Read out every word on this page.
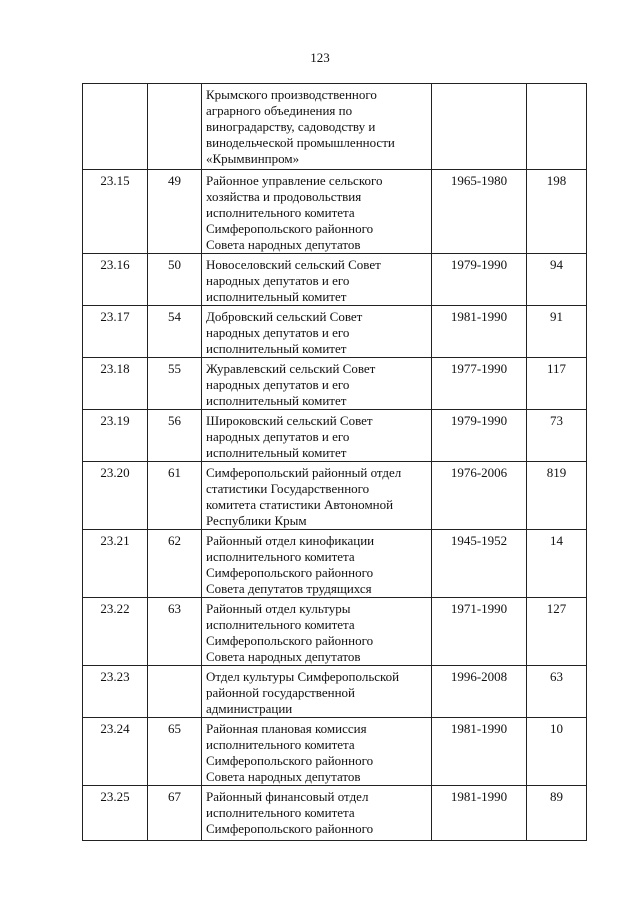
123

		Крымского производственного
аграрного объединения по
виноградарству, садоводству и
винодельческой промышленности
«Крымвинпром»		

23.15	49	Районное управление сельского
хозяйства и продовольствия
исполнительного комитета
Симферопольского районного
Совета народных депутатов	1965-1980	198
23.16	50	Новоселовский сельский Совет
народных депутатов и его
исполнительный комитет	1979-1990	94
23.17	54	Добровский сельский Совет
народных депутатов и его
исполнительный комитет	1981-1990	91
23.18	55	Журавлевский сельский Совет
народных депутатов и его
исполнительный комитет	1977-1990	117
23.19	56	Широковский сельский Совет
народных депутатов и его
исполнительный комитет	1979-1990	73
23.20	61	Симферопольский районный отдел
статистики Государственного
комитета статистики Автономной
Республики Крым	1976-2006	819
23.21	62	Районный отдел кинофикации
исполнительного комитета
Симферопольского районного
Совета депутатов трудящихся	1945-1952	14
23.22	63	Районный отдел культуры
исполнительного комитета
Симферопольского районного
Совета народных депутатов	1971-1990	127
23.23		Отдел культуры Симферопольской
районной государственной
администрации	1996-2008	63
23.24	65	Районная плановая комиссия
исполнительного комитета
Симферопольского районного
Совета народных депутатов	1981-1990	10
23.25	67	Районный финансовый отдел
исполнительного комитета
Симферопольского районного	1981-1990	89
